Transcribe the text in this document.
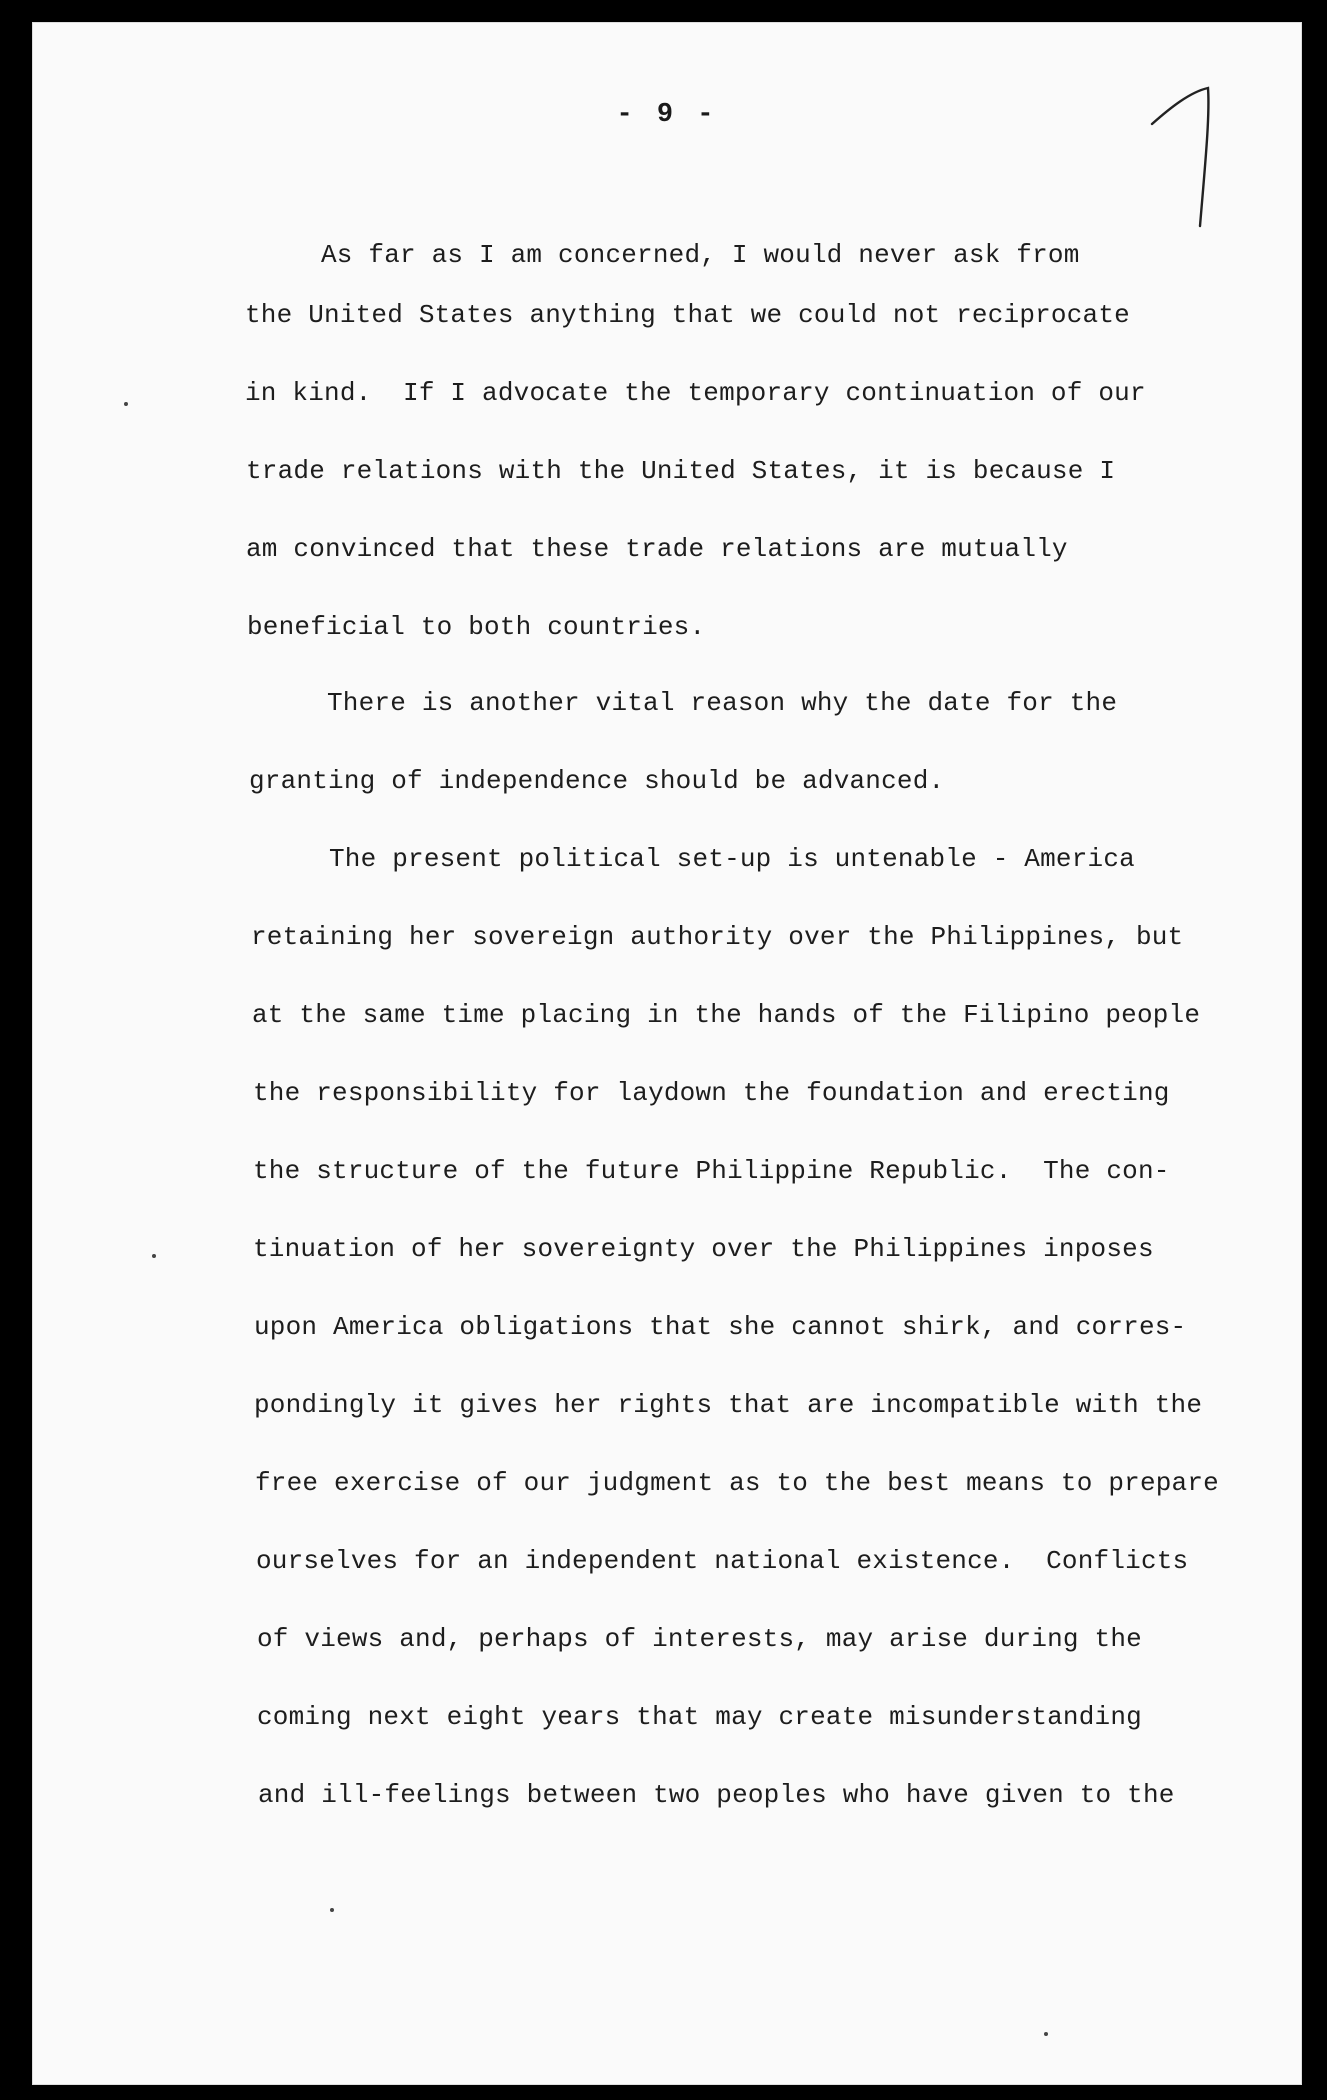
- 9 -
As far as I am concerned, I would never ask from
the United States anything that we could not reciprocate
in kind.  If I advocate the temporary continuation of our
trade relations with the United States, it is because I
am convinced that these trade relations are mutually
beneficial to both countries.
There is another vital reason why the date for the
granting of independence should be advanced.
The present political set-up is untenable - America
retaining her sovereign authority over the Philippines, but
at the same time placing in the hands of the Filipino people
the responsibility for laydown the foundation and erecting
the structure of the future Philippine Republic.  The con-
tinuation of her sovereignty over the Philippines inposes
upon America obligations that she cannot shirk, and corres-
pondingly it gives her rights that are incompatible with the
free exercise of our judgment as to the best means to prepare
ourselves for an independent national existence.  Conflicts
of views and, perhaps of interests, may arise during the
coming next eight years that may create misunderstanding
and ill-feelings between two peoples who have given to the
